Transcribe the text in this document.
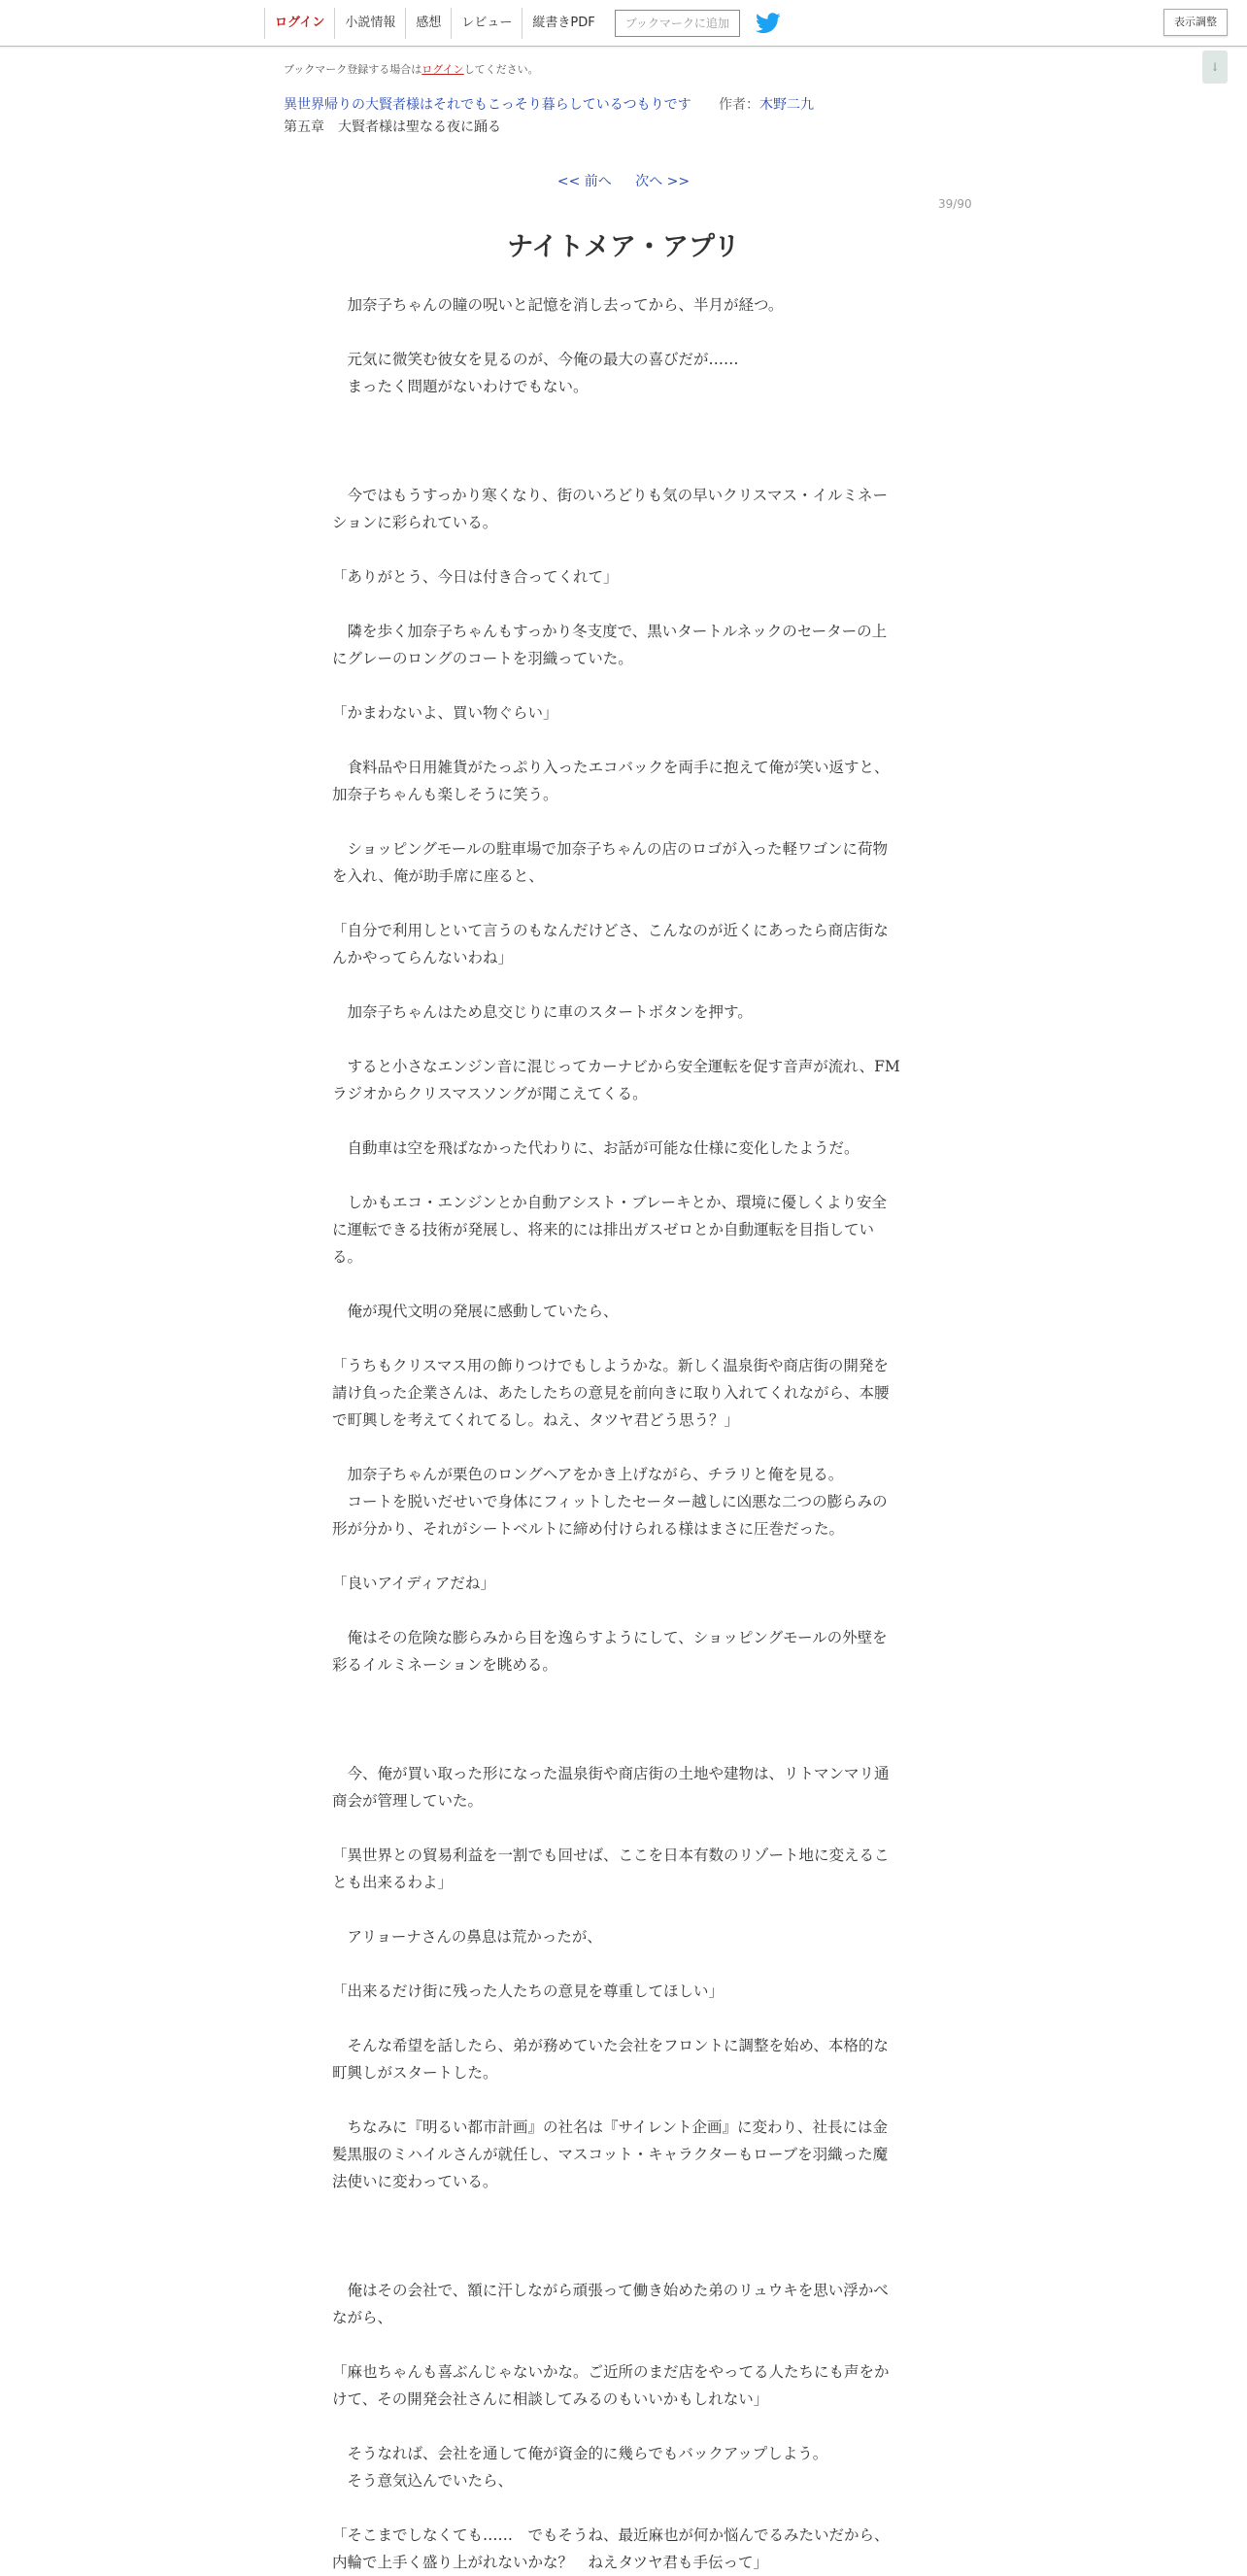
ログイン	小説情報	感想	レビュー	縦書きPDF	ブックマークに追加	表示調整
↓
ブックマーク登録する場合はログインしてください。
異世界帰りの大賢者様はそれでもこっそり暮らしているつもりです 作者：木野二九
第五章　大賢者様は聖なる夜に踊る
<< 前へ 次へ >>
39/90
ナイトメア・アプリ

　加奈子ちゃんの瞳の呪いと記憶を消し去ってから、半月が経つ。

　元気に微笑む彼女を見るのが、今俺の最大の喜びだが……

　まったく問題がないわけでもない。

　今ではもうすっかり寒くなり、街のいろどりも気の早いクリスマス・イルミネー

ションに彩られている。

「ありがとう、今日は付き合ってくれて」

　隣を歩く加奈子ちゃんもすっかり冬支度で、黒いタートルネックのセーターの上

にグレーのロングのコートを羽織っていた。

「かまわないよ、買い物ぐらい」

　食料品や日用雑貨がたっぷり入ったエコバックを両手に抱えて俺が笑い返すと、

加奈子ちゃんも楽しそうに笑う。

　ショッピングモールの駐車場で加奈子ちゃんの店のロゴが入った軽ワゴンに荷物

を入れ、俺が助手席に座ると、

「自分で利用しといて言うのもなんだけどさ、こんなのが近くにあったら商店街な

んかやってらんないわね」

　加奈子ちゃんはため息交じりに車のスタートボタンを押す。

　すると小さなエンジン音に混じってカーナビから安全運転を促す音声が流れ、FM

ラジオからクリスマスソングが聞こえてくる。

　自動車は空を飛ばなかった代わりに、お話が可能な仕様に変化したようだ。

　しかもエコ・エンジンとか自動アシスト・ブレーキとか、環境に優しくより安全

に運転できる技術が発展し、将来的には排出ガスゼロとか自動運転を目指してい

る。

　俺が現代文明の発展に感動していたら、

「うちもクリスマス用の飾りつけでもしようかな。新しく温泉街や商店街の開発を

請け負った企業さんは、あたしたちの意見を前向きに取り入れてくれながら、本腰

で町興しを考えてくれてるし。ねえ、タツヤ君どう思う？」

　加奈子ちゃんが栗色のロングヘアをかき上げながら、チラリと俺を見る。

　コートを脱いだせいで身体にフィットしたセーター越しに凶悪な二つの膨らみの

形が分かり、それがシートベルトに締め付けられる様はまさに圧巻だった。

「良いアイディアだね」

　俺はその危険な膨らみから目を逸らすようにして、ショッピングモールの外壁を

彩るイルミネーションを眺める。

　今、俺が買い取った形になった温泉街や商店街の土地や建物は、リトマンマリ通

商会が管理していた。

「異世界との貿易利益を一割でも回せば、ここを日本有数のリゾート地に変えるこ

とも出来るわよ」

　アリョーナさんの鼻息は荒かったが、

「出来るだけ街に残った人たちの意見を尊重してほしい」

　そんな希望を話したら、弟が務めていた会社をフロントに調整を始め、本格的な

町興しがスタートした。

　ちなみに『明るい都市計画』の社名は『サイレント企画』に変わり、社長には金

髪黒服のミハイルさんが就任し、マスコット・キャラクターもローブを羽織った魔

法使いに変わっている。

　俺はその会社で、額に汗しながら頑張って働き始めた弟のリュウキを思い浮かべ

ながら、

「麻也ちゃんも喜ぶんじゃないかな。ご近所のまだ店をやってる人たちにも声をか

けて、その開発会社さんに相談してみるのもいいかもしれない」

　そうなれば、会社を通して俺が資金的に幾らでもバックアップしよう。

　そう意気込んでいたら、

「そこまでしなくても……　でもそうね、最近麻也が何か悩んでるみたいだから、

内輪で上手く盛り上がれないかな？　ねえタツヤ君も手伝って」
